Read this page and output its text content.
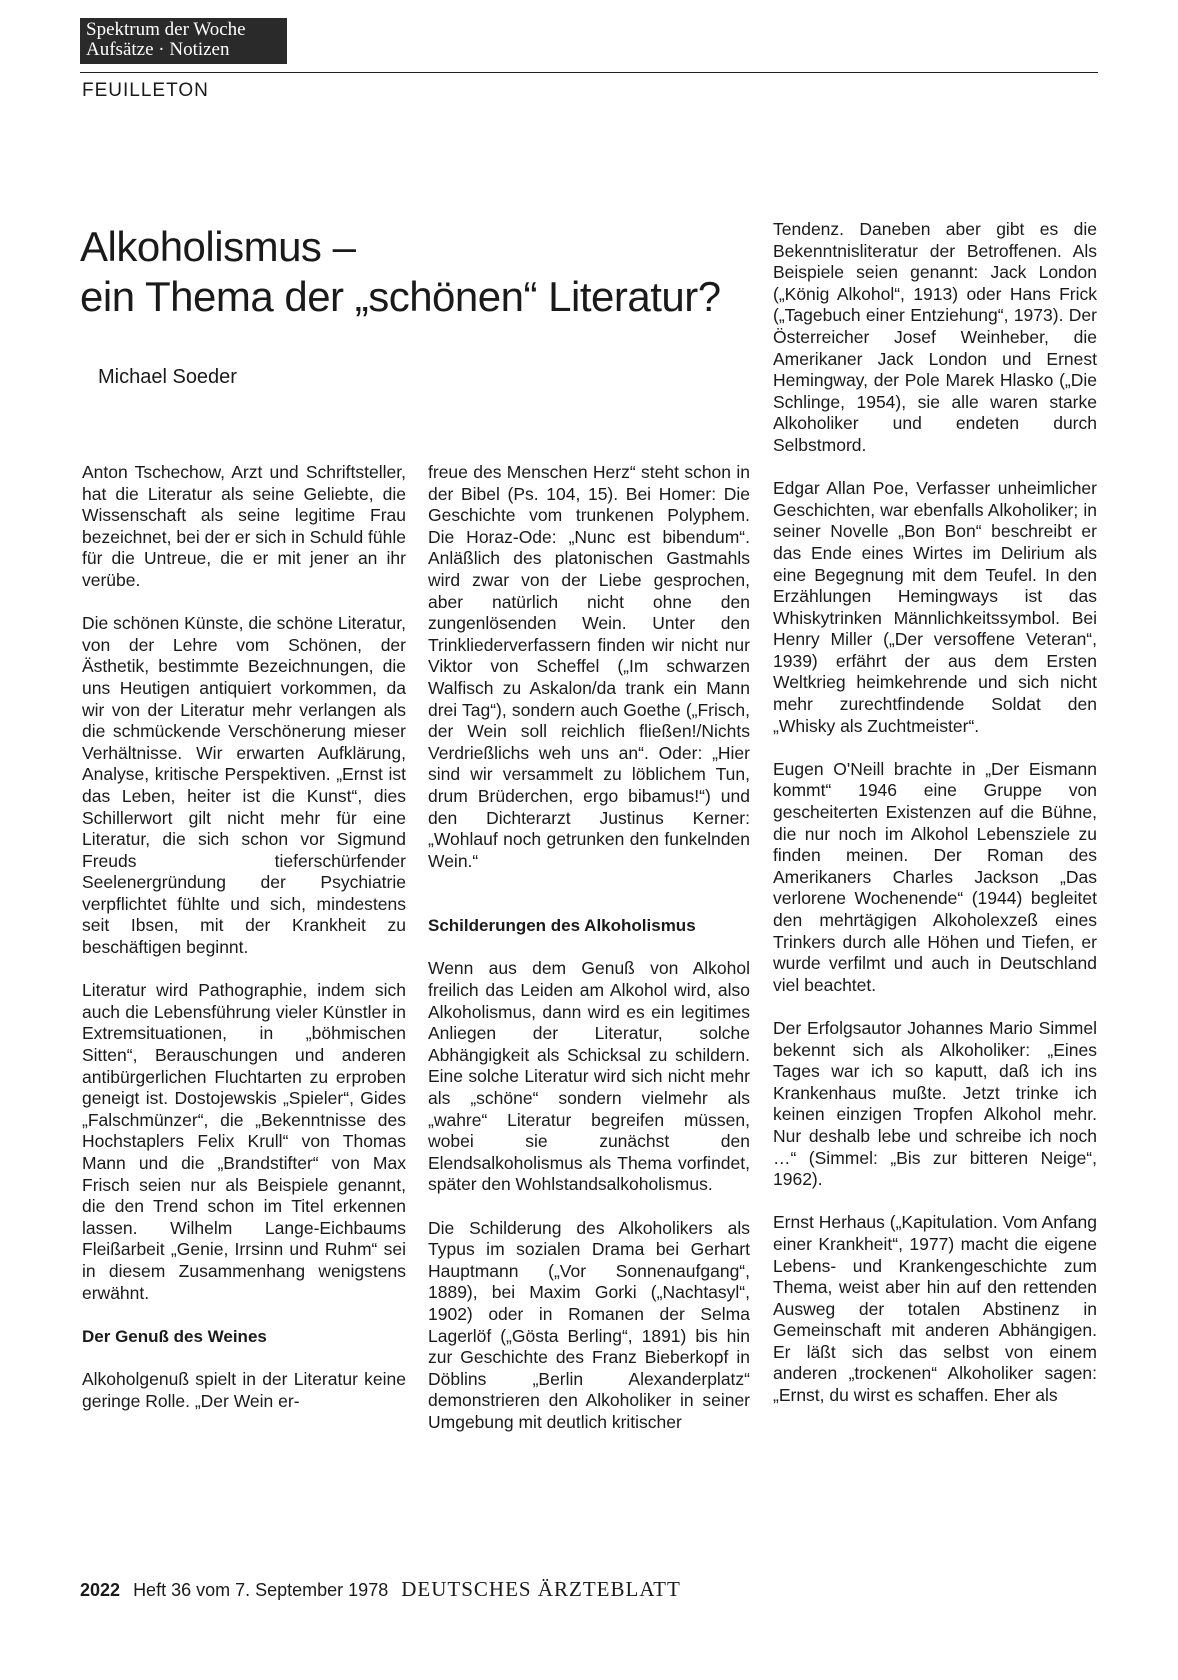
Spektrum der Woche
Aufsätze · Notizen
FEUILLETON
Alkoholismus –
ein Thema der „schönen“ Literatur?
Michael Soeder

Anton Tschechow, Arzt und Schriftsteller, hat die Literatur als seine Geliebte, die Wissenschaft als seine legitime Frau bezeichnet, bei der er sich in Schuld fühle für die Untreue, die er mit jener an ihr verübe.

Die schönen Künste, die schöne Literatur, von der Lehre vom Schönen, der Ästhetik, bestimmte Bezeichnungen, die uns Heutigen antiquiert vorkommen, da wir von der Literatur mehr verlangen als die schmückende Verschönerung mieser Verhältnisse. Wir erwarten Aufklärung, Analyse, kritische Perspektiven. „Ernst ist das Leben, heiter ist die Kunst“, dies Schillerwort gilt nicht mehr für eine Literatur, die sich schon vor Sigmund Freuds tieferschürfender Seelenergründung der Psychiatrie verpflichtet fühlte und sich, mindestens seit Ibsen, mit der Krankheit zu beschäftigen beginnt.

Literatur wird Pathographie, indem sich auch die Lebensführung vieler Künstler in Extremsituationen, in „böhmischen Sitten“, Berauschungen und anderen antibürgerlichen Fluchtarten zu erproben geneigt ist. Dostojewskis „Spieler“, Gides „Falschmünzer“, die „Bekenntnisse des Hochstaplers Felix Krull“ von Thomas Mann und die „Brandstifter“ von Max Frisch seien nur als Beispiele genannt, die den Trend schon im Titel erkennen lassen. Wilhelm Lange-Eichbaums Fleißarbeit „Genie, Irrsinn und Ruhm“ sei in diesem Zusammenhang wenigstens erwähnt.

Der Genuß des Weines

Alkoholgenuß spielt in der Literatur keine geringe Rolle. „Der Wein er-

freue des Menschen Herz“ steht schon in der Bibel (Ps. 104, 15). Bei Homer: Die Geschichte vom trunkenen Polyphem. Die Horaz-Ode: „Nunc est bibendum“. Anläßlich des platonischen Gastmahls wird zwar von der Liebe gesprochen, aber natürlich nicht ohne den zungenlösenden Wein. Unter den Trinkliederverfassern finden wir nicht nur Viktor von Scheffel („Im schwarzen Walfisch zu Askalon/da trank ein Mann drei Tag“), sondern auch Goethe („Frisch, der Wein soll reichlich fließen!/Nichts Verdrießlichs weh uns an“. Oder: „Hier sind wir versammelt zu löblichem Tun, drum Brüderchen, ergo bibamus!“) und den Dichterarzt Justinus Kerner: „Wohlauf noch getrunken den funkelnden Wein.“

Schilderungen des Alkoholismus

Wenn aus dem Genuß von Alkohol freilich das Leiden am Alkohol wird, also Alkoholismus, dann wird es ein legitimes Anliegen der Literatur, solche Abhängigkeit als Schicksal zu schildern. Eine solche Literatur wird sich nicht mehr als „schöne“ sondern vielmehr als „wahre“ Literatur begreifen müssen, wobei sie zunächst den Elendsalkoholismus als Thema vorfindet, später den Wohlstandsalkoholismus.

Die Schilderung des Alkoholikers als Typus im sozialen Drama bei Gerhart Hauptmann („Vor Sonnenaufgang“, 1889), bei Maxim Gorki („Nachtasyl“, 1902) oder in Romanen der Selma Lagerlöf („Gösta Berling“, 1891) bis hin zur Geschichte des Franz Bieberkopf in Döblins „Berlin Alexanderplatz“ demonstrieren den Alkoholiker in seiner Umgebung mit deutlich kritischer

Tendenz. Daneben aber gibt es die Bekenntnisliteratur der Betroffenen. Als Beispiele seien genannt: Jack London („König Alkohol“, 1913) oder Hans Frick („Tagebuch einer Entziehung“, 1973). Der Österreicher Josef Weinheber, die Amerikaner Jack London und Ernest Hemingway, der Pole Marek Hlasko („Die Schlinge, 1954), sie alle waren starke Alkoholiker und endeten durch Selbstmord.

Edgar Allan Poe, Verfasser unheimlicher Geschichten, war ebenfalls Alkoholiker; in seiner Novelle „Bon Bon“ beschreibt er das Ende eines Wirtes im Delirium als eine Begegnung mit dem Teufel. In den Erzählungen Hemingways ist das Whiskytrinken Männlichkeitssymbol. Bei Henry Miller („Der versoffene Veteran“, 1939) erfährt der aus dem Ersten Weltkrieg heimkehrende und sich nicht mehr zurechtfindende Soldat den „Whisky als Zuchtmeister“.

Eugen O'Neill brachte in „Der Eismann kommt“ 1946 eine Gruppe von gescheiterten Existenzen auf die Bühne, die nur noch im Alkohol Lebensziele zu finden meinen. Der Roman des Amerikaners Charles Jackson „Das verlorene Wochenende“ (1944) begleitet den mehrtägigen Alkoholexzeß eines Trinkers durch alle Höhen und Tiefen, er wurde verfilmt und auch in Deutschland viel beachtet.

Der Erfolgsautor Johannes Mario Simmel bekennt sich als Alkoholiker: „Eines Tages war ich so kaputt, daß ich ins Krankenhaus mußte. Jetzt trinke ich keinen einzigen Tropfen Alkohol mehr. Nur deshalb lebe und schreibe ich noch …“ (Simmel: „Bis zur bitteren Neige“, 1962).

Ernst Herhaus („Kapitulation. Vom Anfang einer Krankheit“, 1977) macht die eigene Lebens- und Krankengeschichte zum Thema, weist aber hin auf den rettenden Ausweg der totalen Abstinenz in Gemeinschaft mit anderen Abhängigen. Er läßt sich das selbst von einem anderen „trockenen“ Alkoholiker sagen: „Ernst, du wirst es schaffen. Eher als

2022 Heft 36 vom 7. September 1978 DEUTSCHES ÄRZTEBLATT
